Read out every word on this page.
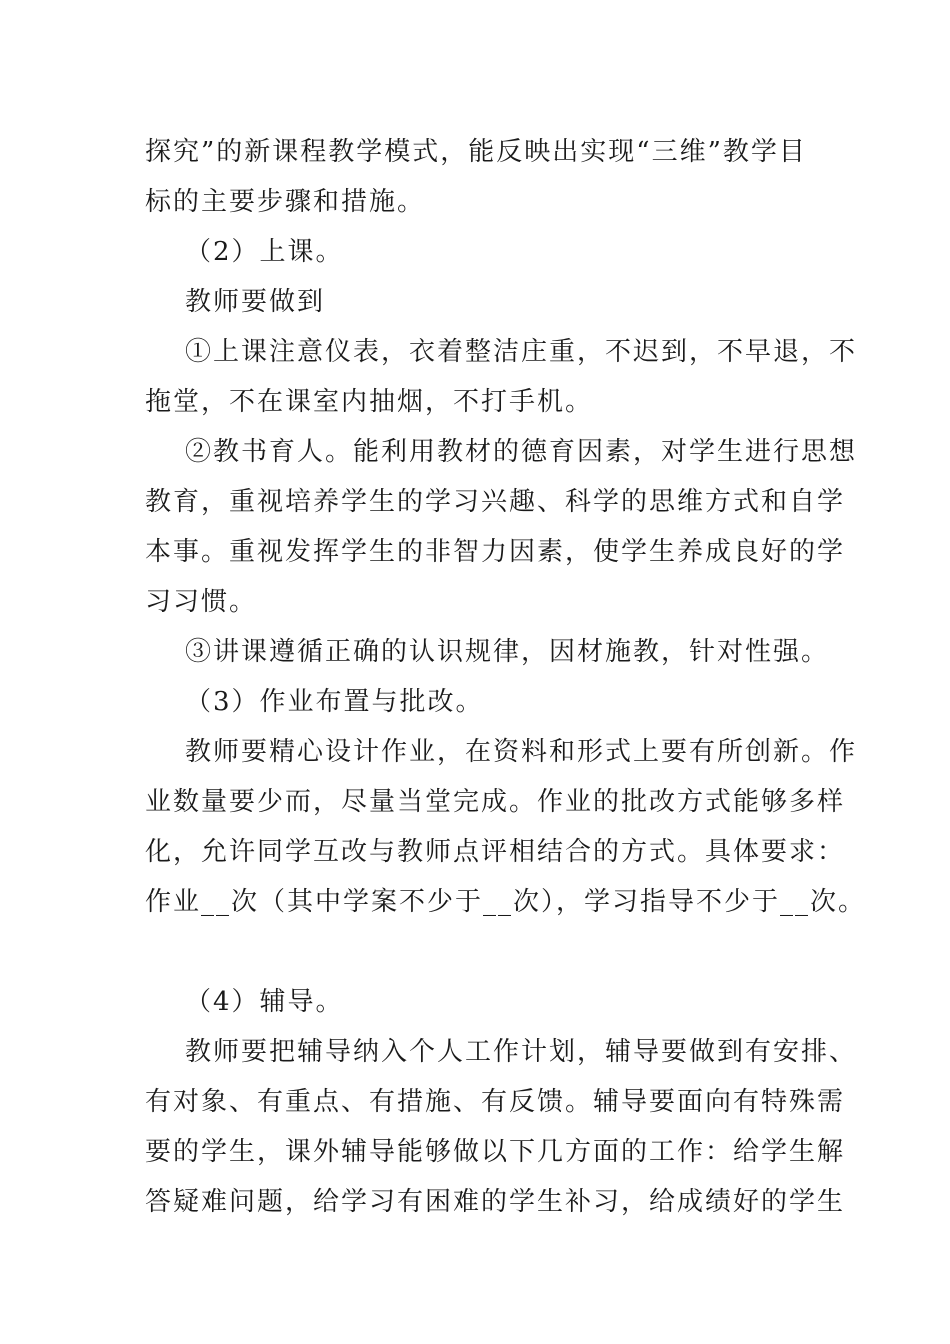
探究”的新课程教学模式，能反映出实现“三维”教学目
标的主要步骤和措施。
（2）上课。
教师要做到
①上课注意仪表，衣着整洁庄重，不迟到，不早退，不
拖堂，不在课室内抽烟，不打手机。
②教书育人。能利用教材的德育因素，对学生进行思想
教育，重视培养学生的学习兴趣、科学的思维方式和自学
本事。重视发挥学生的非智力因素，使学生养成良好的学
习习惯。
③讲课遵循正确的认识规律，因材施教，针对性强。
（3）作业布置与批改。
教师要精心设计作业，在资料和形式上要有所创新。作
业数量要少而，尽量当堂完成。作业的批改方式能够多样
化，允许同学互改与教师点评相结合的方式。具体要求：
作业__次（其中学案不少于__次），学习指导不少于__次。
（4）辅导。
教师要把辅导纳入个人工作计划，辅导要做到有安排、
有对象、有重点、有措施、有反馈。辅导要面向有特殊需
要的学生，课外辅导能够做以下几方面的工作：给学生解
答疑难问题，给学习有困难的学生补习，给成绩好的学生
